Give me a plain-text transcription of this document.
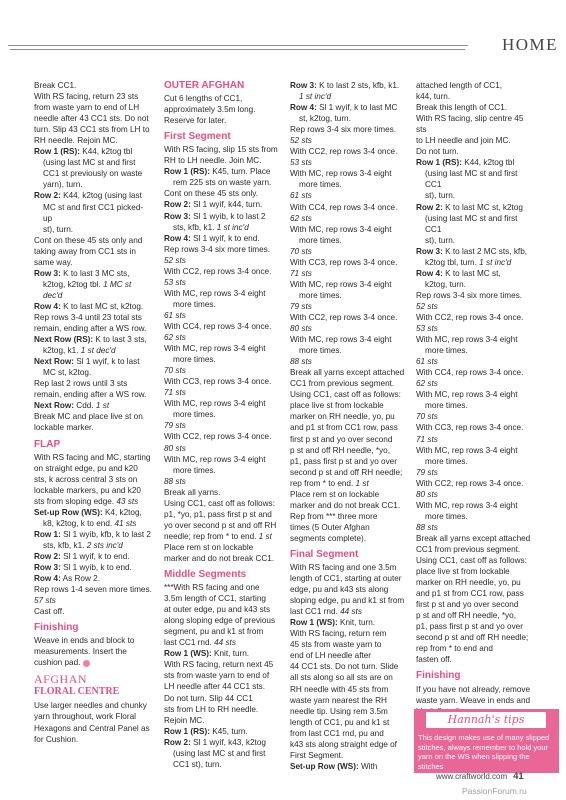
HOME

Break CC1.

With RS facing, return 23 sts

from waste yarn to end of LH

needle after 43 CC1 sts. Do not

turn. Slip 43 CC1 sts from LH to

RH needle. Rejoin MC.

Row 1 (RS): K44, k2tog tbl

(using last MC st and first

CC1 st previously on waste

yarn), turn.

Row 2: K44, k2tog (using last

MC st and first CC1 picked-up

st), turn.

Cont on these 45 sts only and

taking away from CC1 sts in

same way.

Row 3: K to last 3 MC sts,

k2tog, k2tog tbl. 1 MC st dec'd

Row 4: K to last MC st, k2tog.

Rep rows 3-4 until 23 total sts

remain, ending after a WS row.

Next Row (RS): K to last 3 sts,

k2tog, k1. 1 st dec'd

Next Row: Sl 1 wyif, k to last

MC st, k2tog.

Rep last 2 rows until 3 sts

remain, ending after a WS row.

Next Row: Cdd. 1 st

Break MC and place live st on

lockable marker.

FLAP

With RS facing and MC, starting

on straight edge, pu and k20

sts, k across central 3 sts on

lockable markers, pu and k20

sts from sloping edge. 43 sts

Set-up Row (WS): K4, k2tog,

k8, k2tog, k to end. 41 sts

Row 1: Sl 1 wyib, kfb, k to last 2

sts, kfb, k1. 2 sts inc'd

Row 2: Sl 1 wyif, k to end.

Row 3: Sl 1 wyib, k to end.

Row 4: As Row 2.

Rep rows 1-4 seven more times.

57 sts

Cast off.

Finishing

Weave in ends and block to

measurements. Insert the

cushion pad.

AFGHAN
FLORAL CENTRE

Use larger needles and chunky

yarn throughout, work Floral

Hexagons and Central Panel as

for Cushion.

OUTER AFGHAN

Cut 6 lengths of CC1,

approximately 3.5m long.

Reserve for later.

First Segment

With RS facing, slip 15 sts from

RH to LH needle. Join MC.

Row 1 (RS): K45, turn. Place

rem 225 sts on waste yarn.

Cont on these 45 sts only.

Row 2: Sl 1 wyif, k44, turn.

Row 3: Sl 1 wyib, k to last 2

sts, kfb, k1. 1 st inc'd

Row 4: Sl 1 wyif, k to end.

Rep rows 3-4 six more times.

52 sts

With CC2, rep rows 3-4 once.

53 sts

With MC, rep rows 3-4 eight

more times.

61 sts

With CC4, rep rows 3-4 once.

62 sts

With MC, rep rows 3-4 eight

more times.

70 sts

With CC3, rep rows 3-4 once.

71 sts

With MC, rep rows 3-4 eight

more times.

79 sts

With CC2, rep rows 3-4 once.

80 sts

With MC, rep rows 3-4 eight

more times.

88 sts

Break all yarns.

Using CC1, cast off as follows:

p1, *yo, p1, pass first p st and

yo over second p st and off RH

needle; rep from * to end. 1 st

Place rem st on lockable

marker and do not break CC1.

Middle Segments

***With RS facing and one

3.5m length of CC1, starting

at outer edge, pu and k43 sts

along sloping edge of previous

segment, pu and k1 st from

last CC1 rnd. 44 sts

Row 1 (WS): Knit, turn.

With RS facing, return next 45

sts from waste yarn to end of

LH needle after 44 CC1 sts.

Do not turn. Slip 44 CC1

sts from LH to RH needle.

Rejoin MC.

Row 1 (RS): K45, turn.

Row 2: Sl 1 wyif, k43, k2tog

(using last MC st and first

CC1 st), turn.

Row 3: K to last 2 sts, kfb, k1.

1 st inc'd

Row 4: Sl 1 wyif, k to last MC

st, k2tog, turn.

Rep rows 3-4 six more times.

52 sts

With CC2, rep rows 3-4 once.

53 sts

With MC, rep rows 3-4 eight

more times.

61 sts

With CC4, rep rows 3-4 once.

62 sts

With MC, rep rows 3-4 eight

more times.

70 sts

With CC3, rep rows 3-4 once.

71 sts

With MC, rep rows 3-4 eight

more times.

79 sts

With CC2, rep rows 3-4 once.

80 sts

With MC, rep rows 3-4 eight

more times.

88 sts

Break all yarns except attached

CC1 from previous segment.

Using CC1, cast off as follows:

place live st from lockable

marker on RH needle, yo, pu

and p1 st from CC1 row, pass

first p st and yo over second

p st and off RH needle, *yo,

p1, pass first p st and yo over

second p st and off RH needle;

rep from * to end. 1 st

Place rem st on lockable

marker and do not break CC1.

Rep from *** three more

times (5 Outer Afghan

segments complete).

Final Segment

With RS facing and one 3.5m

length of CC1, starting at outer

edge, pu and k43 sts along

sloping edge, pu and k1 st from

last CC1 rnd. 44 sts

Row 1 (WS): Knit, turn.

With RS facing, return rem

45 sts from waste yarn to

end of LH needle after

44 CC1 sts. Do not turn. Slide

all sts along so all sts are on

RH needle with 45 sts from

waste yarn nearest the RH

needle tip. Using rem 3.5m

length of CC1, pu and k1 st

from last CC1 rnd, pu and

k43 sts along straight edge of

First Segment.

Set-up Row (WS): With

attached length of CC1,

k44, turn.

Break this length of CC1.

With RS facing, slip centre 45 sts

to LH needle and join MC.

Do not turn.

Row 1 (RS): K44, k2tog tbl

(using last MC st and first CC1

st), turn.

Row 2: K to last MC st, k2tog

(using last MC st and first CC1

st), turn.

Row 3: K to last 2 MC sts, kfb,

k2tog tbl, turn. 1 st inc'd

Row 4: K to last MC st,

k2tog, turn.

Rep rows 3-4 six more times.

52 sts

With CC2, rep rows 3-4 once.

53 sts

With MC, rep rows 3-4 eight

more times.

61 sts

With CC4, rep rows 3-4 once.

62 sts

With MC, rep rows 3-4 eight

more times.

70 sts

With CC3, rep rows 3-4 once.

71 sts

With MC, rep rows 3-4 eight

more times.

79 sts

With CC2, rep rows 3-4 once.

80 sts

With MC, rep rows 3-4 eight

more times.

88 sts

Break all yarns except attached

CC1 from previous segment.

Using CC1, cast off as follows:

place live st from lockable

marker on RH needle, yo, pu

and p1 st from CC1 row, pass

first p st and yo over second

p st and off RH needle, *yo,

p1, pass first p st and yo over

second p st and off RH needle;

rep from * to end and

fasten off.

Finishing

If you have not already, remove

waste yarn. Weave in ends and

Hannah's tips

This design makes use of many slipped stitches, always remember to hold your yarn on the WS when slipping the stitches

www.craftworld.com 41
PassionForum.ru
